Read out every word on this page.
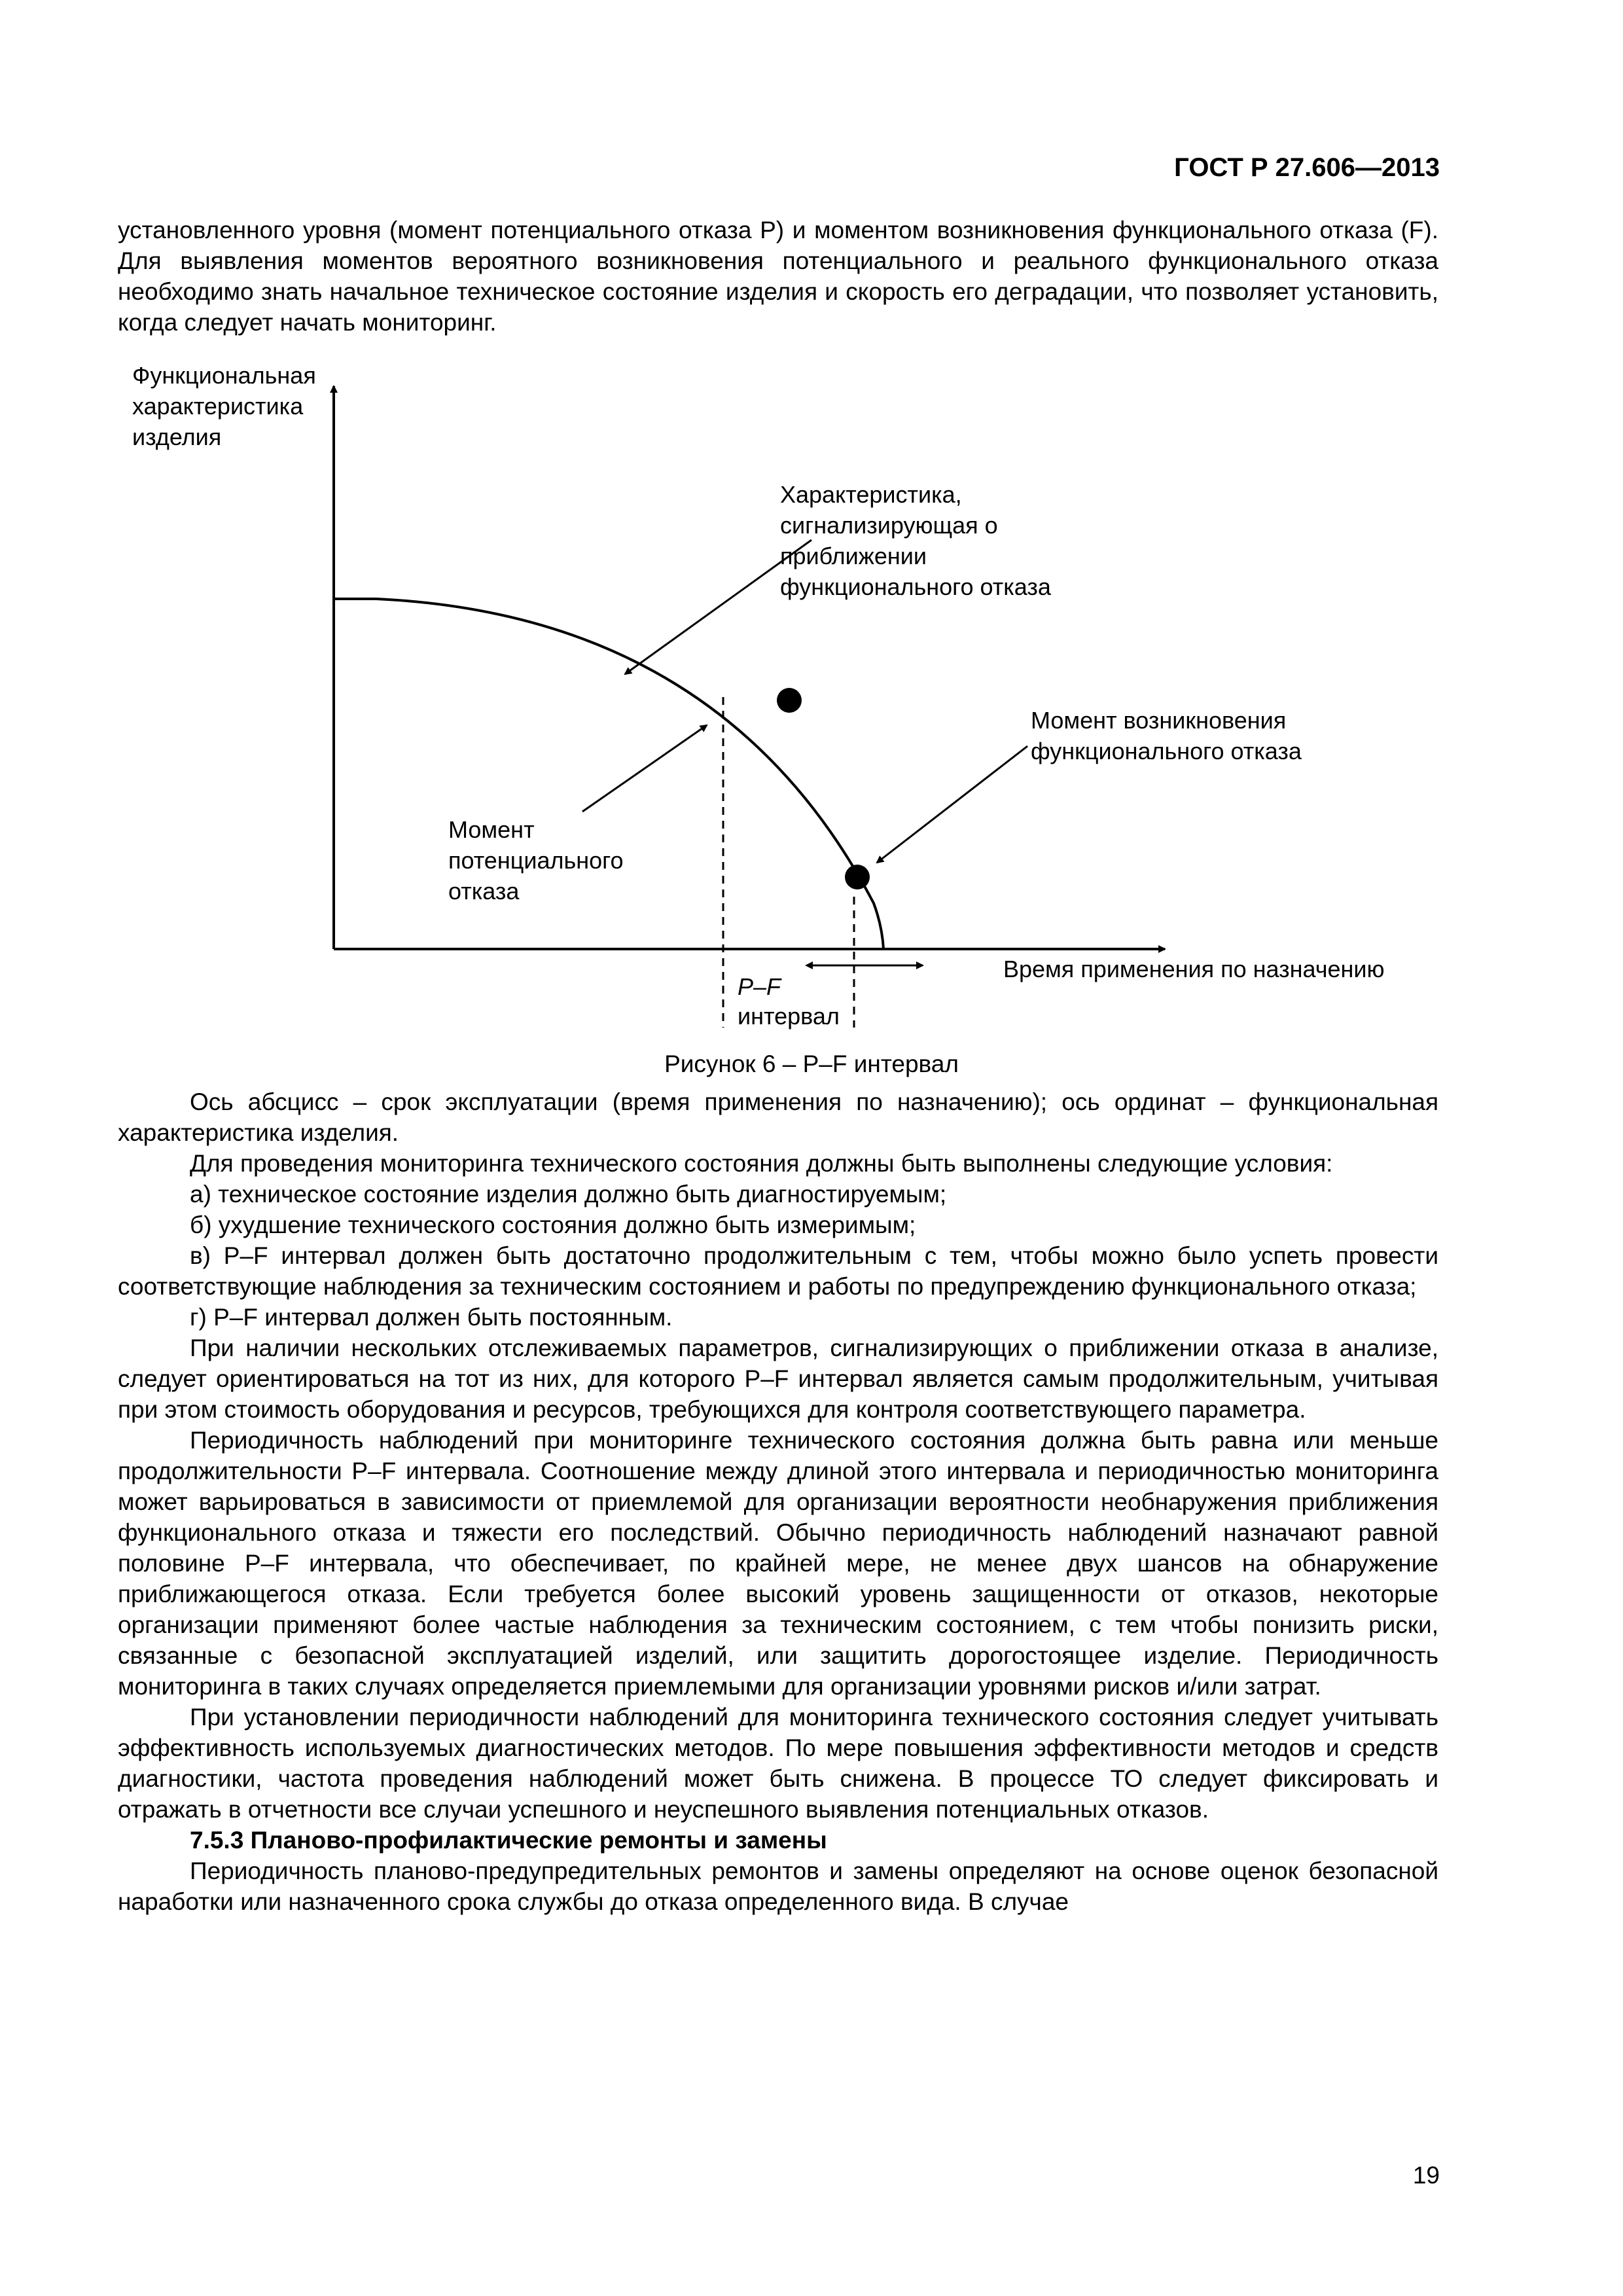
ГОСТ Р 27.606—2013

установленного уровня (момент потенциального отказа P) и моментом возникновения функционального отказа (F). Для выявления моментов вероятного возникновения потенциального и реального функционального отказа необходимо знать начальное техническое состояние изделия и скорость его деградации, что позволяет установить, когда следует начать мониторинг.

Функциональная
характеристика
изделия
Характеристика,
сигнализирующая о
приближении
функционального отказа
Момент возникновения
функционального отказа
Момент
потенциального
отказа
Время применения по назначению
P–F
интервал
Рисунок 6 – P–F интервал

Ось абсцисс – срок эксплуатации (время применения по назначению); ось ординат – функциональная характеристика изделия.

Для проведения мониторинга технического состояния должны быть выполнены следующие условия:

а) техническое состояние изделия должно быть диагностируемым;

б) ухудшение технического состояния должно быть измеримым;

в) P–F интервал должен быть достаточно продолжительным с тем, чтобы можно было успеть провести соответствующие наблюдения за техническим состоянием и работы по предупреждению функционального отказа;

г) P–F интервал должен быть постоянным.

При наличии нескольких отслеживаемых параметров, сигнализирующих о приближении отказа в анализе, следует ориентироваться на тот из них, для которого P–F интервал является самым продолжительным, учитывая при этом стоимость оборудования и ресурсов, требующихся для контроля соответствующего параметра.

Периодичность наблюдений при мониторинге технического состояния должна быть равна или меньше продолжительности P–F интервала. Соотношение между длиной этого интервала и периодичностью мониторинга может варьироваться в зависимости от приемлемой для организации вероятности необнаружения приближения функционального отказа и тяжести его последствий. Обычно периодичность наблюдений назначают равной половине P–F интервала, что обеспечивает, по крайней мере, не менее двух шансов на обнаружение приближающегося отказа. Если требуется более высокий уровень защищенности от отказов, некоторые организации применяют более частые наблюдения за техническим состоянием, с тем чтобы понизить риски, связанные с безопасной эксплуатацией изделий, или защитить дорогостоящее изделие. Периодичность мониторинга в таких случаях определяется приемлемыми для организации уровнями рисков и/или затрат.

При установлении периодичности наблюдений для мониторинга технического состояния следует учитывать эффективность используемых диагностических методов. По мере повышения эффективности методов и средств диагностики, частота проведения наблюдений может быть снижена. В процессе ТО следует фиксировать и отражать в отчетности все случаи успешного и неуспешного выявления потенциальных отказов.

7.5.3 Планово-профилактические ремонты и замены

Периодичность планово-предупредительных ремонтов и замены определяют на основе оценок безопасной наработки или назначенного срока службы до отказа определенного вида. В случае

19
